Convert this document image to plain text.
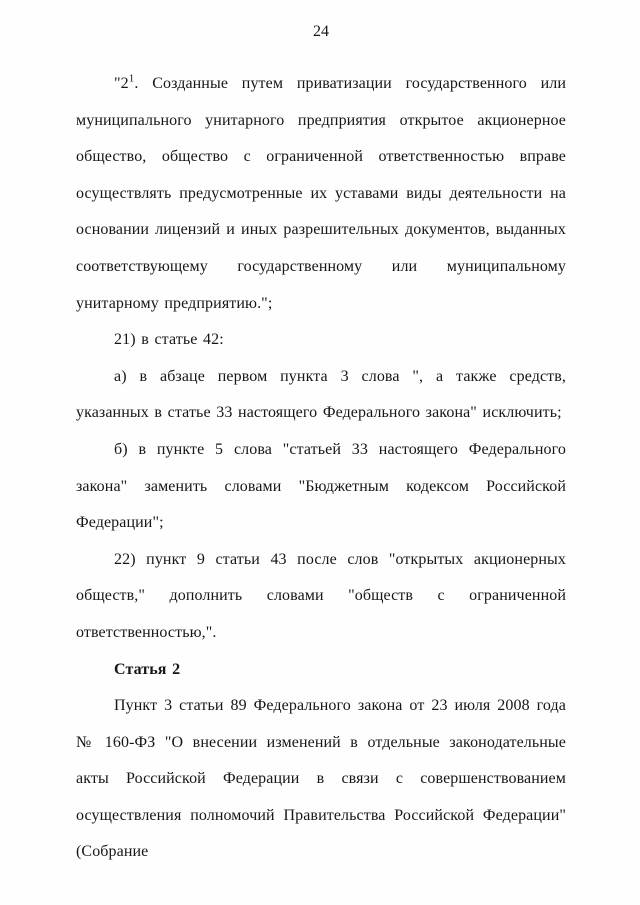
24

"$2^1$. Созданные путем приватизации государственного или муниципального унитарного предприятия открытое акционерное общество, общество с ограниченной ответственностью вправе осуществлять предусмотренные их уставами виды деятельности на основании лицензий и иных разрешительных документов, выданных соответствующему государственному или муниципальному унитарному предприятию.";

21) в статье 42:

а) в абзаце первом пункта 3 слова ", а также средств, указанных в статье 33 настоящего Федерального закона" исключить;

б) в пункте 5 слова "статьей 33 настоящего Федерального закона" заменить словами "Бюджетным кодексом Российской Федерации";

22) пункт 9 статьи 43 после слов "открытых акционерных обществ," дополнить словами "обществ с ограниченной ответственностью,".

Статья 2

Пункт 3 статьи 89 Федерального закона от 23 июля 2008 года № 160-ФЗ "О внесении изменений в отдельные законодательные акты Российской Федерации в связи с совершенствованием осуществления полномочий Правительства Российской Федерации" (Собрание
